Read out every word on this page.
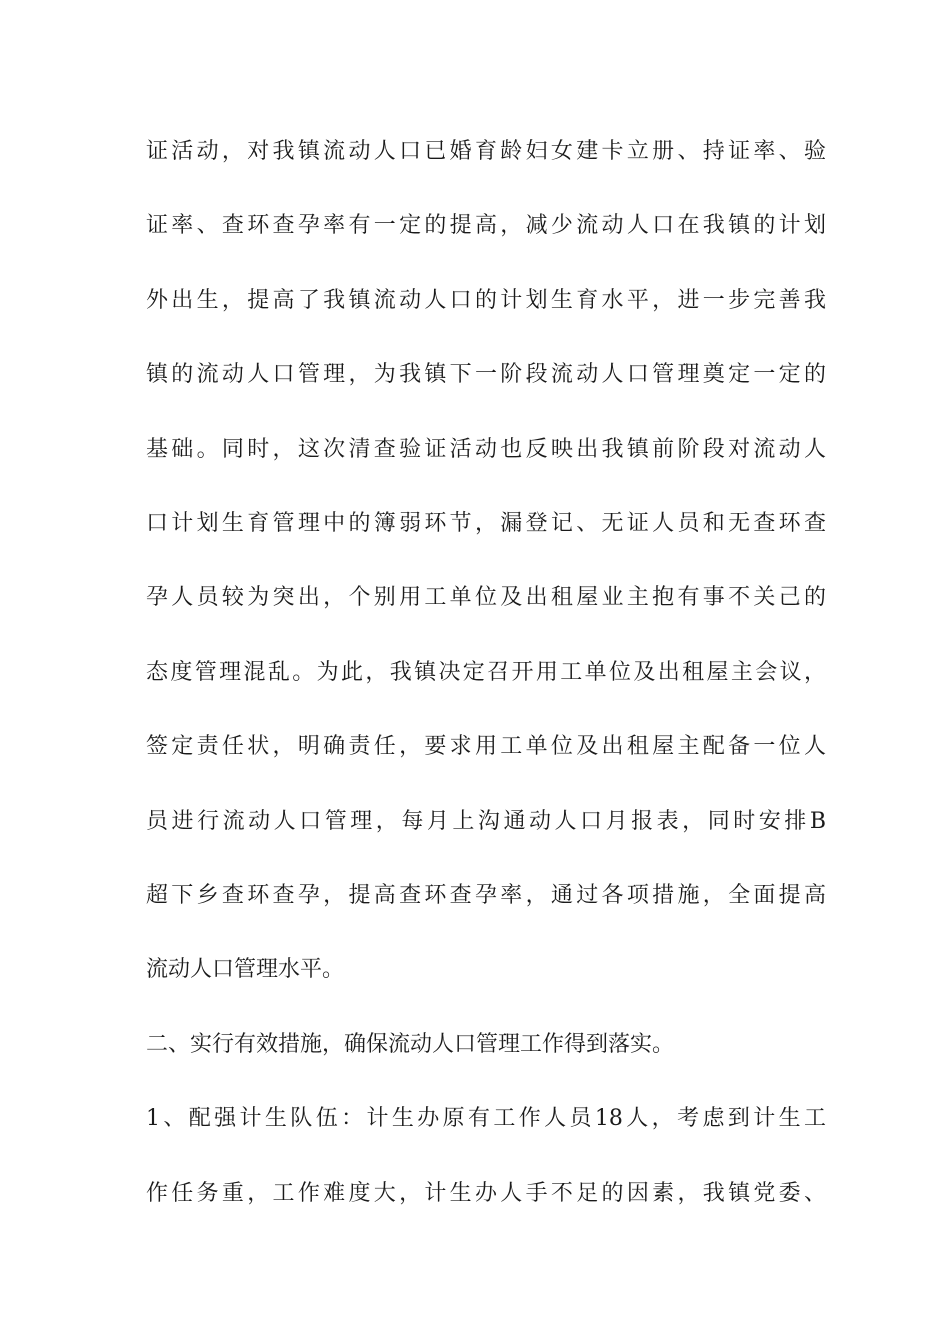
证活动，对我镇流动人口已婚育龄妇女建卡立册、持证率、验
证率、查环查孕率有一定的提高，减少流动人口在我镇的计划
外出生，提高了我镇流动人口的计划生育水平，进一步完善我
镇的流动人口管理，为我镇下一阶段流动人口管理奠定一定的
基础。同时，这次清查验证活动也反映出我镇前阶段对流动人
口计划生育管理中的簿弱环节，漏登记、无证人员和无查环查
孕人员较为突出，个别用工单位及出租屋业主抱有事不关己的
态度管理混乱。为此，我镇决定召开用工单位及出租屋主会议，
签定责任状，明确责任，要求用工单位及出租屋主配备一位人
员进行流动人口管理，每月上沟通动人口月报表，同时安排B
超下乡查环查孕，提高查环查孕率，通过各项措施，全面提高
流动人口管理水平。
二、实行有效措施，确保流动人口管理工作得到落实。
1、配强计生队伍：计生办原有工作人员18人，考虑到计生工
作任务重，工作难度大，计生办人手不足的因素，我镇党委、
